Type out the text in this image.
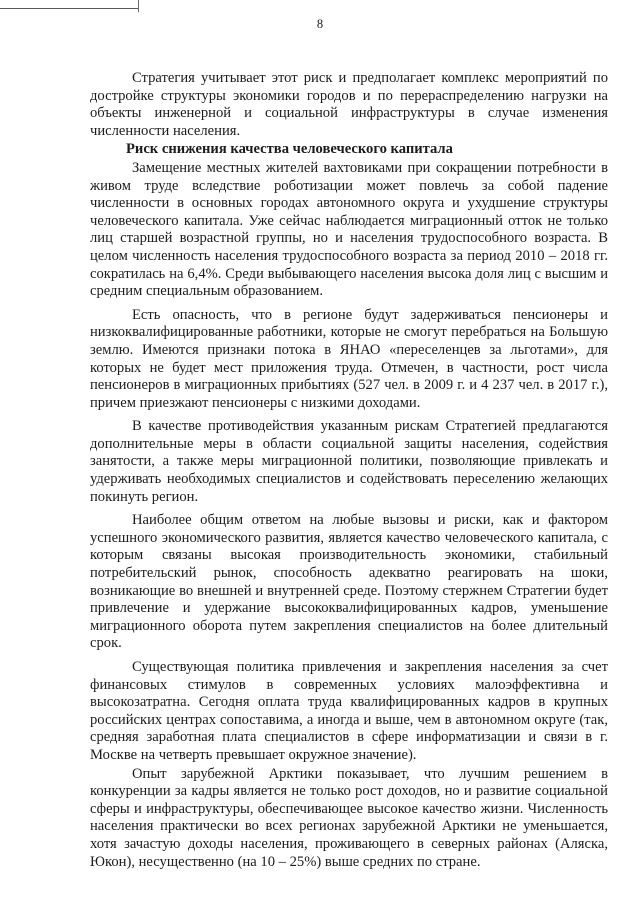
8

Стратегия учитывает этот риск и предполагает комплекс мероприятий по достройке структуры экономики городов и по перераспределению нагрузки на объекты инженерной и социальной инфраструктуры в случае изменения численности населения.

Риск снижения качества человеческого капитала

Замещение местных жителей вахтовиками при сокращении потребности в живом труде вследствие роботизации может повлечь за собой падение численности в основных городах автономного округа и ухудшение структуры человеческого капитала. Уже сейчас наблюдается миграционный отток не только лиц старшей возрастной группы, но и населения трудоспособного возраста. В целом численность населения трудоспособного возраста за период 2010 – 2018 гг. сократилась на 6,4%. Среди выбывающего населения высока доля лиц с высшим и средним специальным образованием.

Есть опасность, что в регионе будут задерживаться пенсионеры и низкоквалифицированные работники, которые не смогут перебраться на Большую землю. Имеются признаки потока в ЯНАО «переселенцев за льготами», для которых не будет мест приложения труда. Отмечен, в частности, рост числа пенсионеров в миграционных прибытиях (527 чел. в 2009 г. и 4 237 чел. в 2017 г.), причем приезжают пенсионеры с низкими доходами.

В качестве противодействия указанным рискам Стратегией предлагаются дополнительные меры в области социальной защиты населения, содействия занятости, а также меры миграционной политики, позволяющие привлекать и удерживать необходимых специалистов и содействовать переселению желающих покинуть регион.

Наиболее общим ответом на любые вызовы и риски, как и фактором успешного экономического развития, является качество человеческого капитала, с которым связаны высокая производительность экономики, стабильный потребительский рынок, способность адекватно реагировать на шоки, возникающие во внешней и внутренней среде. Поэтому стержнем Стратегии будет привлечение и удержание высококвалифицированных кадров, уменьшение миграционного оборота путем закрепления специалистов на более длительный срок.

Существующая политика привлечения и закрепления населения за счет финансовых стимулов в современных условиях малоэффективна и высокозатратна. Сегодня оплата труда квалифицированных кадров в крупных российских центрах сопоставима, а иногда и выше, чем в автономном округе (так, средняя заработная плата специалистов в сфере информатизации и связи в г. Москве на четверть превышает окружное значение).

Опыт зарубежной Арктики показывает, что лучшим решением в конкуренции за кадры является не только рост доходов, но и развитие социальной сферы и инфраструктуры, обеспечивающее высокое качество жизни. Численность населения практически во всех регионах зарубежной Арктики не уменьшается, хотя зачастую доходы населения, проживающего в северных районах (Аляска, Юкон), несущественно (на 10 – 25%) выше средних по стране.
